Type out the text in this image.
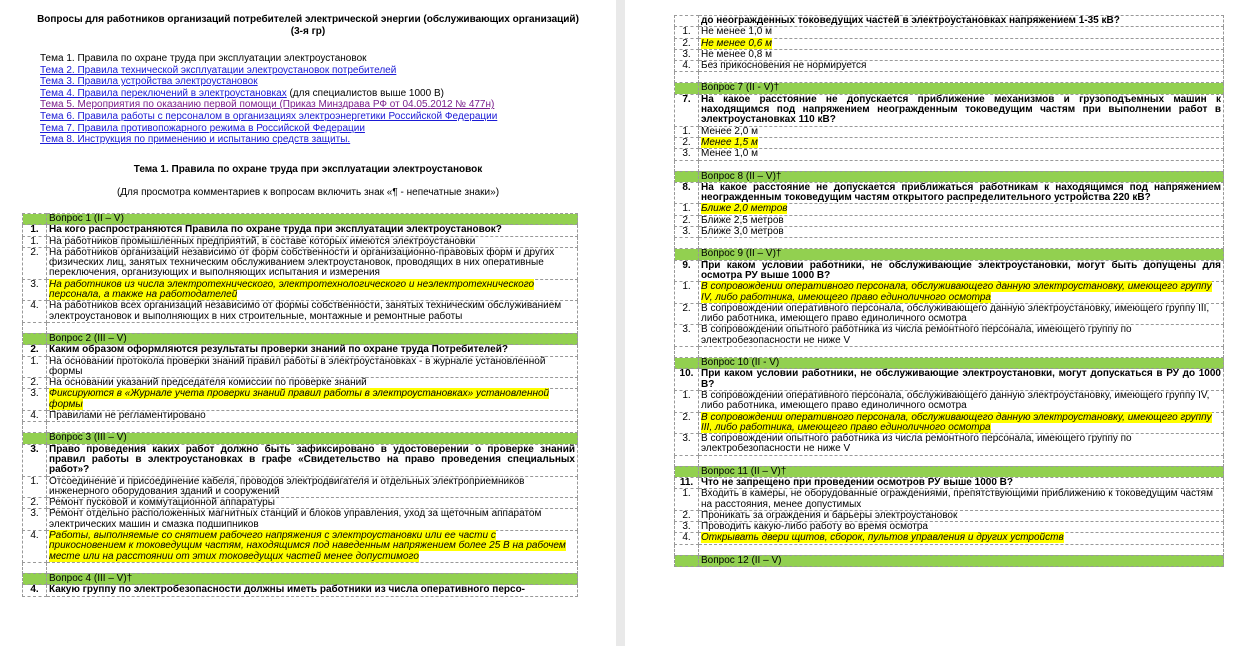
Вопросы для работников организаций потребителей электрической энергии (обслуживающих организаций) (3-я гр)
Тема 1. Правила по охране труда при эксплуатации электроустановок
Тема 2. Правила технической эксплуатации электроустановок потребителей
Тема 3. Правила устройства электроустановок
Тема 4. Правила переключений в электроустановках (для специалистов выше 1000 В)
Тема 5. Мероприятия по оказанию первой помощи (Приказ Минздрава РФ от 04.05.2012 № 477н)
Тема 6. Правила работы с персоналом в организациях электроэнергетики Российской Федерации
Тема 7. Правила противопожарного режима в Российской Федерации
Тема 8. Инструкция по применению и испытанию средств защиты.
Тема 1. Правила по охране труда при эксплуатации электроустановок
(Для просмотра комментариев к вопросам включить знак «¶ - непечатные знаки»)
	Вопрос 1 (II – V)
1.	На кого распространяются Правила по охране труда при эксплуатации электроустановок?
1.	На работников промышленных предприятий, в составе которых имеются электроустановки
2.	На работников организаций независимо от форм собственности и организационно-правовых форм и других физических лиц, занятых техническим обслуживанием электроустановок, проводящих в них оперативные переключения, организующих и выполняющих испытания и измерения
3.	На работников из числа электротехнического, электротехнологического и неэлектротехнического персонала, а также на работодателей
4.	На работников всех организаций независимо от формы собственности, занятых техническим обслуживанием электроустановок и выполняющих в них строительные, монтажные и ремонтные работы

	Вопрос 2 (III – V)
2.	Каким образом оформляются результаты проверки знаний по охране труда Потребителей?
1.	На основании протокола проверки знаний правил работы в электроустановках - в журнале установленной формы
2.	На основании указаний председателя комиссии по проверке знаний
3.	Фиксируются в «Журнале учета проверки знаний правил работы в электроустановках» установленной формы
4.	Правилами не регламентировано

	Вопрос 3 (III – V)
3.	Право проведения каких работ должно быть зафиксировано в удостоверении о проверке знаний правил работы в электроустановках в графе «Свидетельство на право проведения специальных работ»?
1.	Отсоединение и присоединение кабеля, проводов электродвигателя и отдельных электроприемников инженерного оборудования зданий и сооружений
2.	Ремонт пусковой и коммутационной аппаратуры
3.	Ремонт отдельно расположенных магнитных станций и блоков управления, уход за щеточным аппаратом электрических машин и смазка подшипников
4.	Работы, выполняемые со снятием рабочего напряжения с электроустановки или ее части с прикосновением к токоведущим частям, находящимся под наведенным напряжением более 25 В на рабочем месте или на расстоянии от этих токоведущих частей менее допустимого

	Вопрос 4 (III – V)†
4.	Какую группу по электробезопасности должны иметь работники из числа оперативного персо-
	до неогражденных токоведущих частей в электроустановках напряжением 1-35 кВ?
1.	Не менее 1,0 м
2.	Не менее 0,6 м
3.	Не менее 0,8 м
4.	Без прикосновения не нормируется

	Вопрос 7 (II - V)†
7.	На какое расстояние не допускается приближение механизмов и грузоподъемных машин к находящимся под напряжением неогражденным токоведущим частям при выполнении работ в электроустановках 110 кВ?
1.	Менее 2,0 м
2.	Менее 1,5 м
3.	Менее 1,0 м

	Вопрос 8 (II – V)†
8.	На какое расстояние не допускается приближаться работникам к находящимся под напряжением неогражденным токоведущим частям открытого распределительного устройства 220 кВ?
1.	Ближе 2,0 метров
2.	Ближе 2,5 метров
3.	Ближе 3,0 метров

	Вопрос 9 (II – V)†
9.	При каком условии работники, не обслуживающие электроустановки, могут быть допущены для осмотра РУ выше 1000 В?
1.	В сопровождении оперативного персонала, обслуживающего данную электроустановку, имеющего группу IV, либо работника, имеющего право единоличного осмотра
2.	В сопровождении оперативного персонала, обслуживающего данную электроустановку, имеющего группу III, либо работника, имеющего право единоличного осмотра
3.	В сопровождении опытного работника из числа ремонтного персонала, имеющего группу по электробезопасности не ниже V

	Вопрос 10 (II - V)
10.	При каком условии работники, не обслуживающие электроустановки, могут допускаться в РУ до 1000 В?
1.	В сопровождении оперативного персонала, обслуживающего данную электроустановку, имеющего группу IV, либо работника, имеющего право единоличного осмотра
2.	В сопровождении оперативного персонала, обслуживающего данную электроустановку, имеющего группу III, либо работника, имеющего право единоличного осмотра
3.	В сопровождении опытного работника из числа ремонтного персонала, имеющего группу по электробезопасности не ниже V

	Вопрос 11 (II – V)†
11.	Что не запрещено при проведении осмотров РУ выше 1000 В?
1.	Входить в камеры, не оборудованные ограждениями, препятствующими приближению к токоведущим частям на расстояния, менее допустимых
2.	Проникать за ограждения и барьеры электроустановок
3.	Проводить какую-либо работу во время осмотра
4.	Открывать двери щитов, сборок, пультов управления и других устройств

	Вопрос 12 (II – V)
